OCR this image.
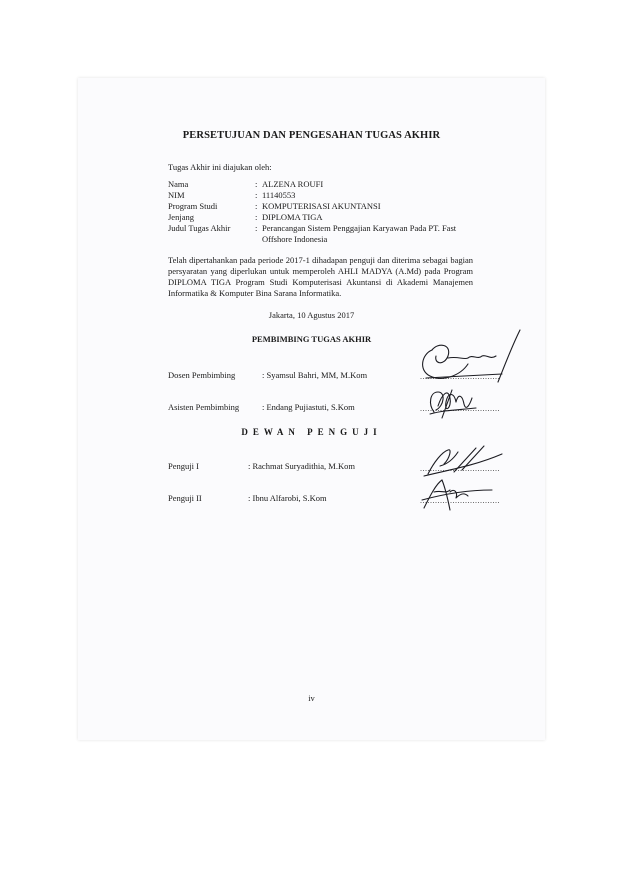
PERSETUJUAN DAN PENGESAHAN TUGAS AKHIR
Tugas Akhir ini diajukan oleh:
Nama	: ALZENA ROUFI
NIM	: 11140553
Program Studi	: KOMPUTERISASI AKUNTANSI
Jenjang	: DIPLOMA TIGA
Judul Tugas Akhir	: Perancangan Sistem Penggajian Karyawan Pada PT. Fast
Offshore Indonesia
Telah dipertahankan pada periode 2017-1 dihadapan penguji dan diterima sebagai bagian persyaratan yang diperlukan untuk memperoleh AHLI MADYA (A.Md) pada Program DIPLOMA TIGA Program Studi Komputerisasi Akuntansi di Akademi Manajemen Informatika & Komputer Bina Sarana Informatika.
Jakarta, 10 Agustus 2017
PEMBIMBING TUGAS AKHIR
Dosen Pembimbing	: Syamsul Bahri, MM, M.Kom	................................
Asisten Pembimbing	: Endang Pujiastuti, S.Kom	................................
DEWAN PENGUJI
Penguji I	: Rachmat Suryadithia, M.Kom	................................
Penguji II	: Ibnu Alfarobi, S.Kom	................................
iv
